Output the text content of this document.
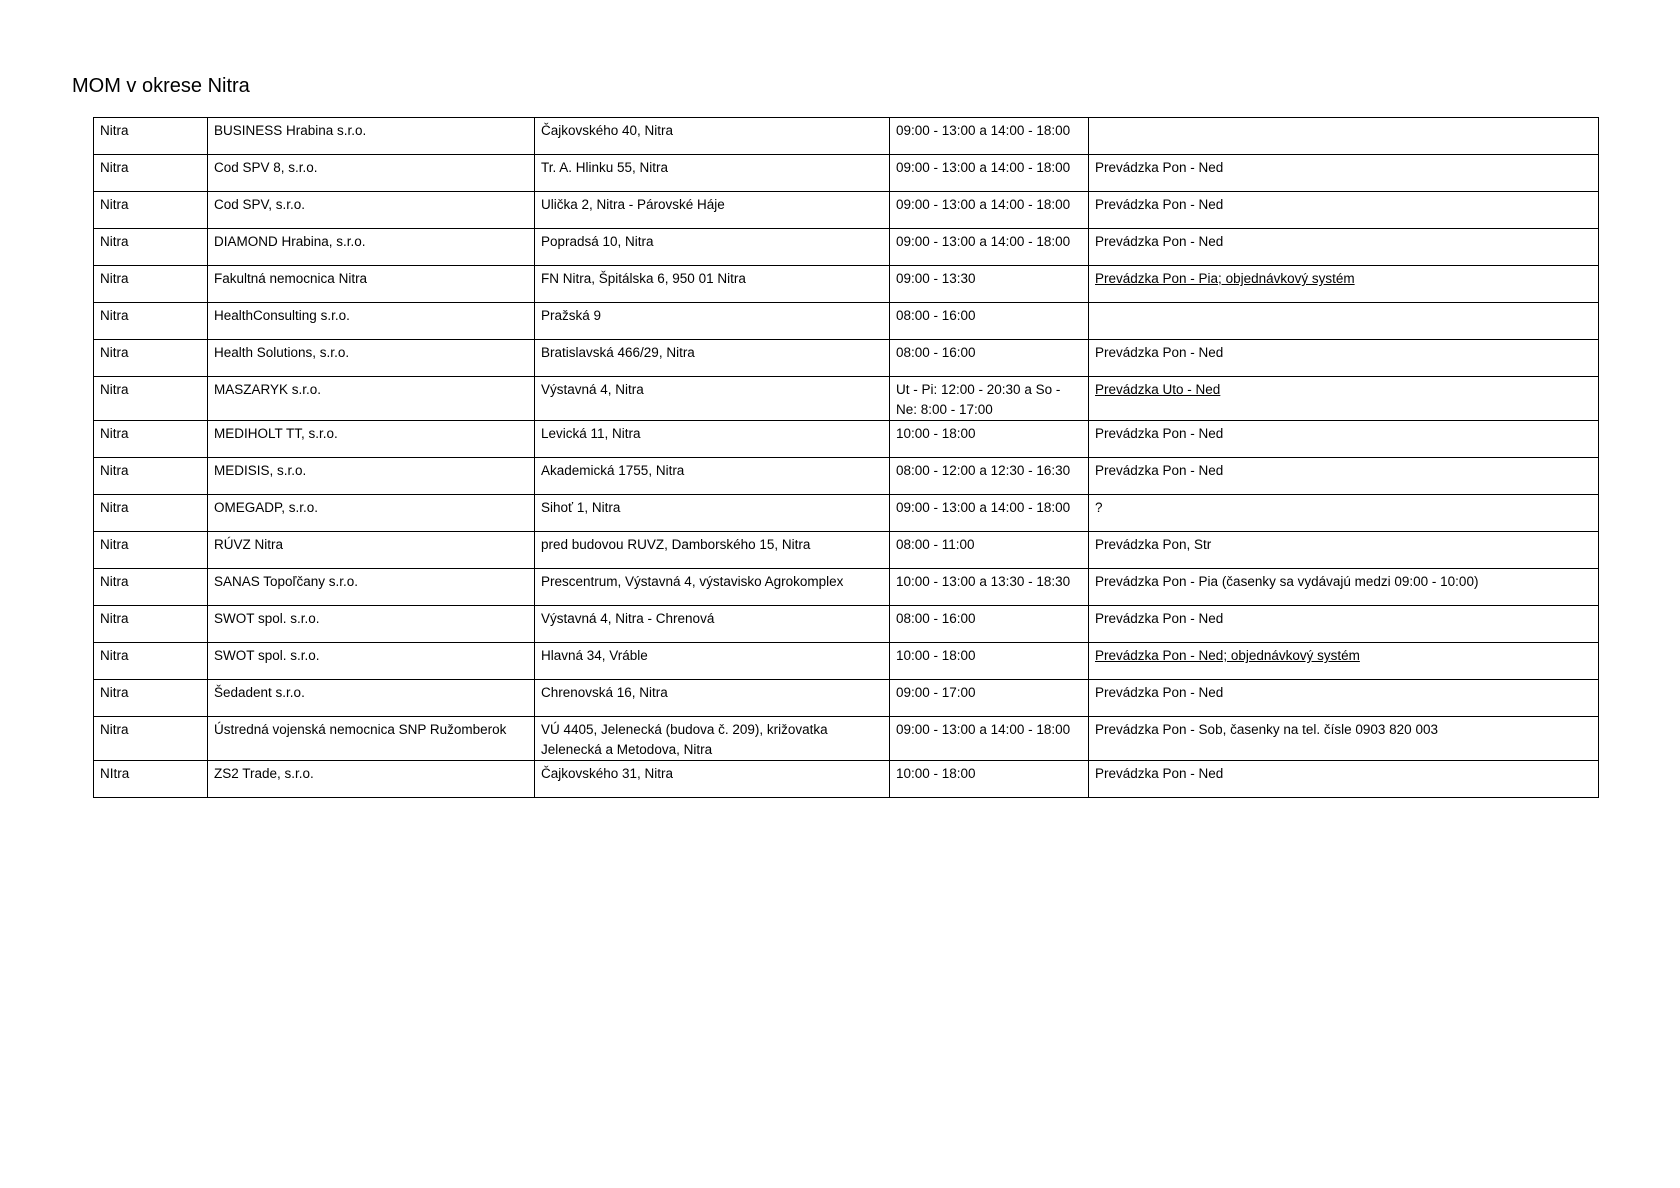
MOM v okrese Nitra
Nitra	BUSINESS Hrabina s.r.o.	Čajkovského 40, Nitra	09:00 - 13:00 a 14:00 - 18:00	
Nitra	Cod SPV 8, s.r.o.	Tr. A. Hlinku 55, Nitra	09:00 - 13:00 a 14:00 - 18:00	Prevádzka Pon - Ned
Nitra	Cod SPV, s.r.o.	Ulička 2, Nitra - Párovské Háje	09:00 - 13:00 a 14:00 - 18:00	Prevádzka Pon - Ned
Nitra	DIAMOND Hrabina, s.r.o.	Popradsá 10, Nitra	09:00 - 13:00 a 14:00 - 18:00	Prevádzka Pon - Ned
Nitra	Fakultná nemocnica Nitra	FN Nitra, Špitálska 6, 950 01 Nitra	09:00 - 13:30	Prevádzka Pon - Pia; objednávkový systém
Nitra	HealthConsulting s.r.o.	Pražská 9	08:00 - 16:00	
Nitra	Health Solutions, s.r.o.	Bratislavská 466/29, Nitra	08:00 - 16:00	Prevádzka Pon - Ned
Nitra	MASZARYK s.r.o.	Výstavná 4, Nitra	Ut - Pi: 12:00 - 20:30 a So - Ne: 8:00 - 17:00	Prevádzka Uto - Ned
Nitra	MEDIHOLT TT, s.r.o.	Levická 11, Nitra	10:00 - 18:00	Prevádzka Pon - Ned
Nitra	MEDISIS, s.r.o.	Akademická 1755, Nitra	08:00 - 12:00 a 12:30 - 16:30	Prevádzka Pon - Ned
Nitra	OMEGADP, s.r.o.	Sihoť 1, Nitra	09:00 - 13:00 a 14:00 - 18:00	?
Nitra	RÚVZ Nitra	pred budovou RUVZ, Damborského 15, Nitra	08:00 - 11:00	Prevádzka Pon, Str
Nitra	SANAS Topoľčany s.r.o.	Prescentrum, Výstavná 4, výstavisko Agrokomplex	10:00 - 13:00 a 13:30 - 18:30	Prevádzka Pon - Pia (časenky sa vydávajú medzi 09:00 - 10:00)
Nitra	SWOT spol. s.r.o.	Výstavná 4, Nitra - Chrenová	08:00 - 16:00	Prevádzka Pon - Ned
Nitra	SWOT spol. s.r.o.	Hlavná 34, Vráble	10:00 - 18:00	Prevádzka Pon - Ned; objednávkový systém
Nitra	Šedadent s.r.o.	Chrenovská 16, Nitra	09:00 - 17:00	Prevádzka Pon - Ned
Nitra	Ústredná vojenská nemocnica SNP Ružomberok	VÚ 4405, Jelenecká (budova č. 209), križovatka Jelenecká a Metodova, Nitra	09:00 - 13:00 a 14:00 - 18:00	Prevádzka Pon - Sob, časenky na tel. čísle 0903 820 003
NItra	ZS2 Trade, s.r.o.	Čajkovského 31, Nitra	10:00 - 18:00	Prevádzka Pon - Ned
